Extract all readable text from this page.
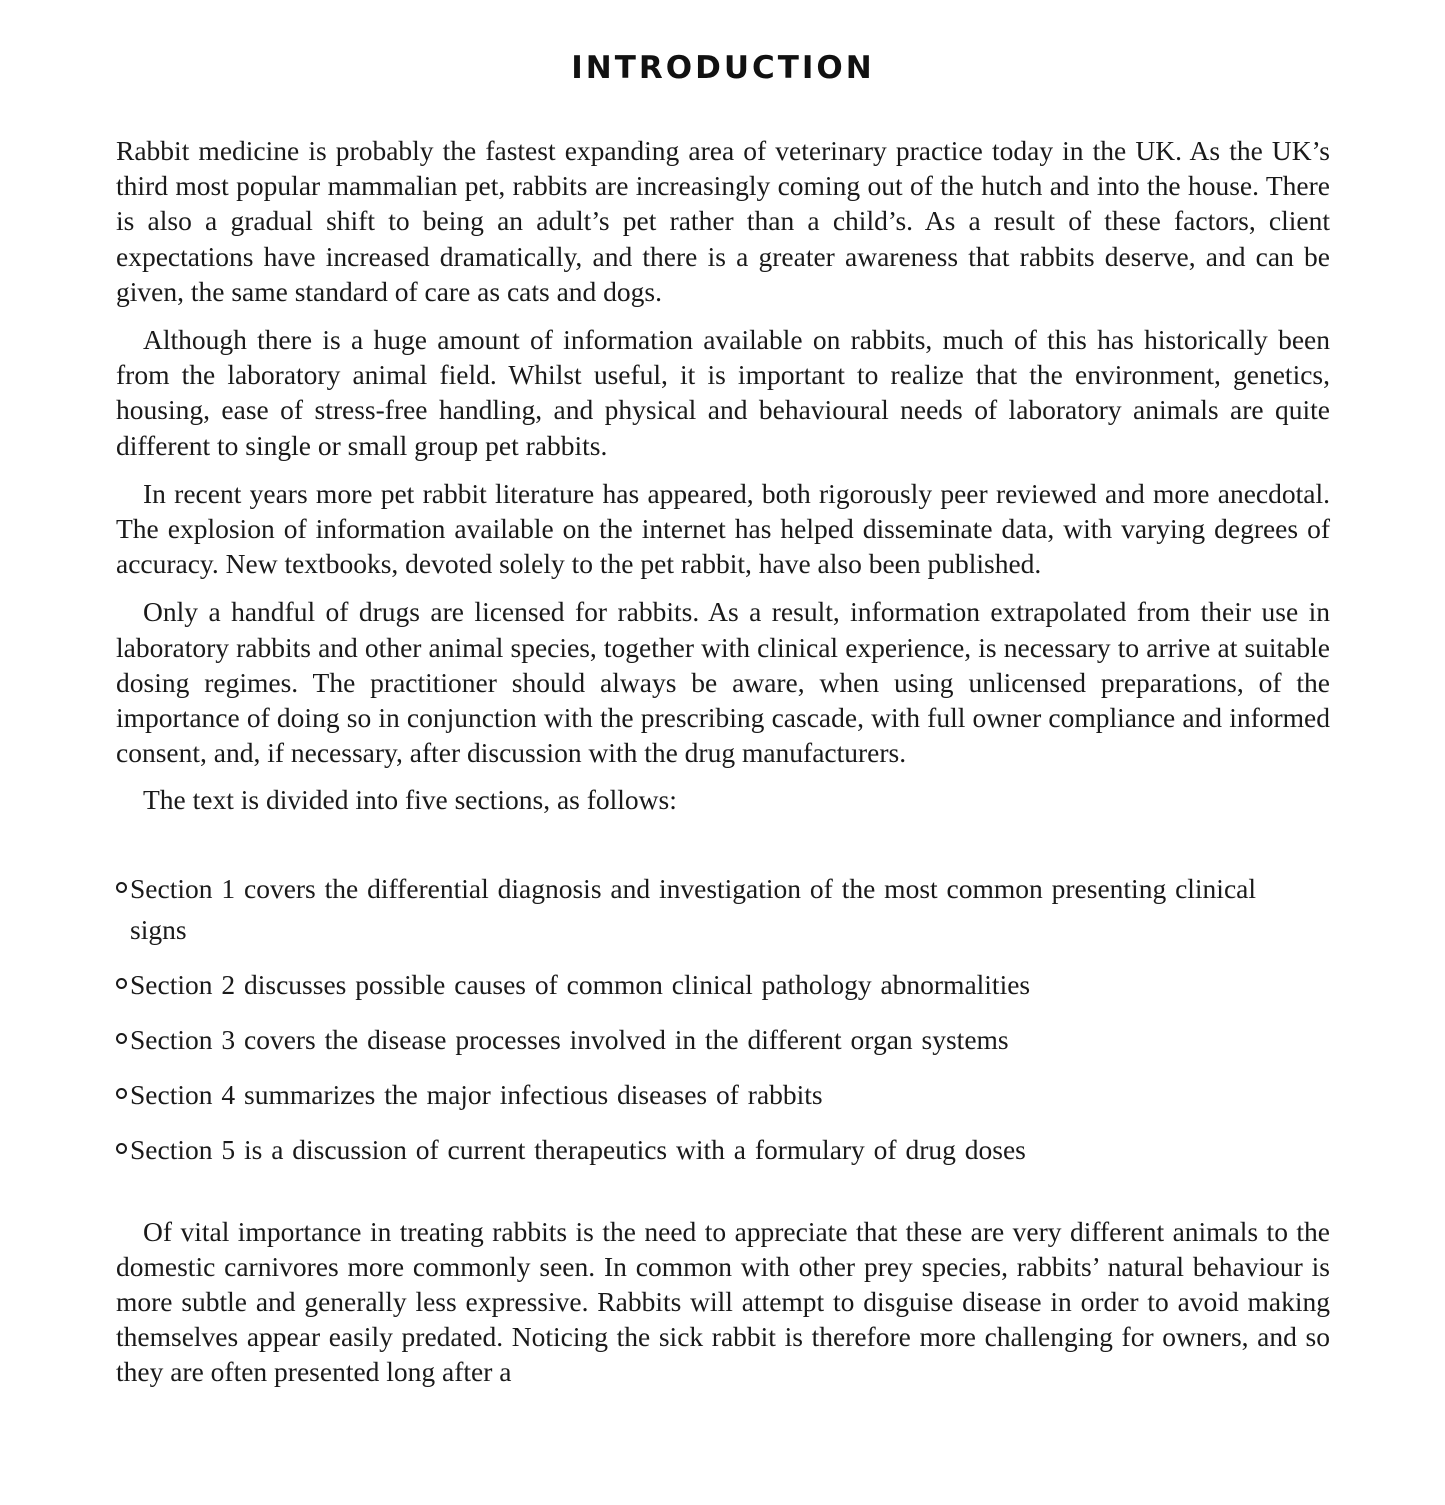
INTRODUCTION

Rabbit medicine is probably the fastest expanding area of veterinary practice today in the UK. As the UK’s third most popular mammalian pet, rabbits are increasingly coming out of the hutch and into the house. There is also a gradual shift to being an adult’s pet rather than a child’s. As a result of these factors, client expectations have increased dramatically, and there is a greater awareness that rabbits deserve, and can be given, the same standard of care as cats and dogs.

Although there is a huge amount of information available on rabbits, much of this has historically been from the laboratory animal field. Whilst useful, it is important to realize that the environment, genetics, housing, ease of stress-free handling, and physical and behavioural needs of laboratory animals are quite different to single or small group pet rabbits.

In recent years more pet rabbit literature has appeared, both rigorously peer reviewed and more anecdotal. The explosion of information available on the internet has helped disseminate data, with varying degrees of accuracy. New textbooks, devoted solely to the pet rabbit, have also been published.

Only a handful of drugs are licensed for rabbits. As a result, information extrapolated from their use in laboratory rabbits and other animal species, together with clinical experience, is necessary to arrive at suitable dosing regimes. The practitioner should always be aware, when using unlicensed preparations, of the importance of doing so in conjunction with the prescribing cascade, with full owner compliance and informed consent, and, if necessary, after discussion with the drug manufacturers.

The text is divided into five sections, as follows:

Section 1 covers the differential diagnosis and investigation of the most common presenting clinical signs
Section 2 discusses possible causes of common clinical pathology abnormalities
Section 3 covers the disease processes involved in the different organ systems
Section 4 summarizes the major infectious diseases of rabbits
Section 5 is a discussion of current therapeutics with a formulary of drug doses

Of vital importance in treating rabbits is the need to appreciate that these are very different animals to the domestic carnivores more commonly seen. In common with other prey species, rabbits’ natural behaviour is more subtle and generally less expressive. Rabbits will attempt to disguise disease in order to avoid making themselves appear easily predated. Noticing the sick rabbit is therefore more challenging for owners, and so they are often presented long after a
